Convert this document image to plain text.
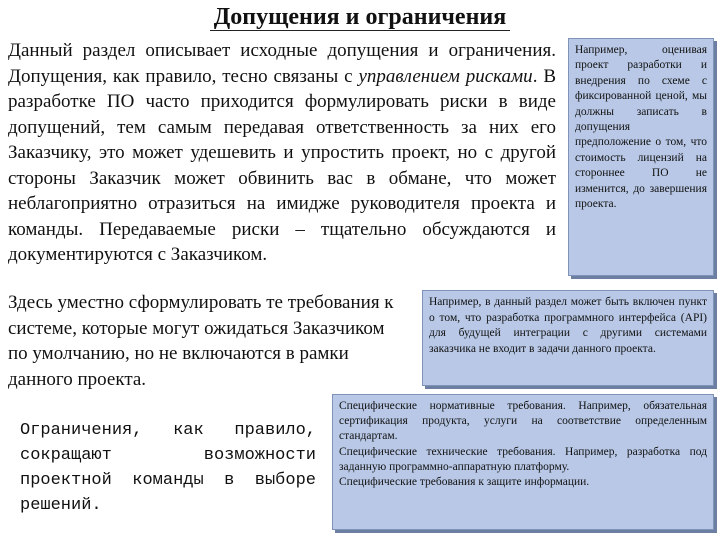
Допущения и ограничения

Данный раздел описывает исходные допущения и ограничения. Допущения, как правило, тесно связаны с управлением рисками. В разработке ПО часто приходится формулировать риски в виде допущений, тем самым передавая ответственность за них его Заказчику, это может удешевить и упростить проект, но с другой стороны Заказчик может обвинить вас в обмане, что может неблагоприятно отразиться на имидже руководителя проекта и команды. Передаваемые риски – тщательно обсуждаются и документируются с Заказчиком.

Здесь уместно сформулировать те требования к системе, которые могут ожидаться Заказчиком по умолчанию, но не включаются в рамки данного проекта.

Ограничения, как правило, сокращают возможности проектной команды в выборе решений.

Например, оценивая проект разработки и внедрения по схеме с фиксированной ценой, мы должны записать в допущения предположение о том, что стоимость лицензий на стороннее ПО не изменится, до завершения проекта.

Например, в данный раздел может быть включен пункт о том, что разработка программного интерфейса (API) для будущей интеграции с другими системами заказчика не входит в задачи данного проекта.

Специфические нормативные требования. Например, обязательная сертификация продукта, услуги на соответствие определенным стандартам.

Специфические технические требования. Например, разработка под заданную программно-аппаратную платформу.

Специфические требования к защите информации.
